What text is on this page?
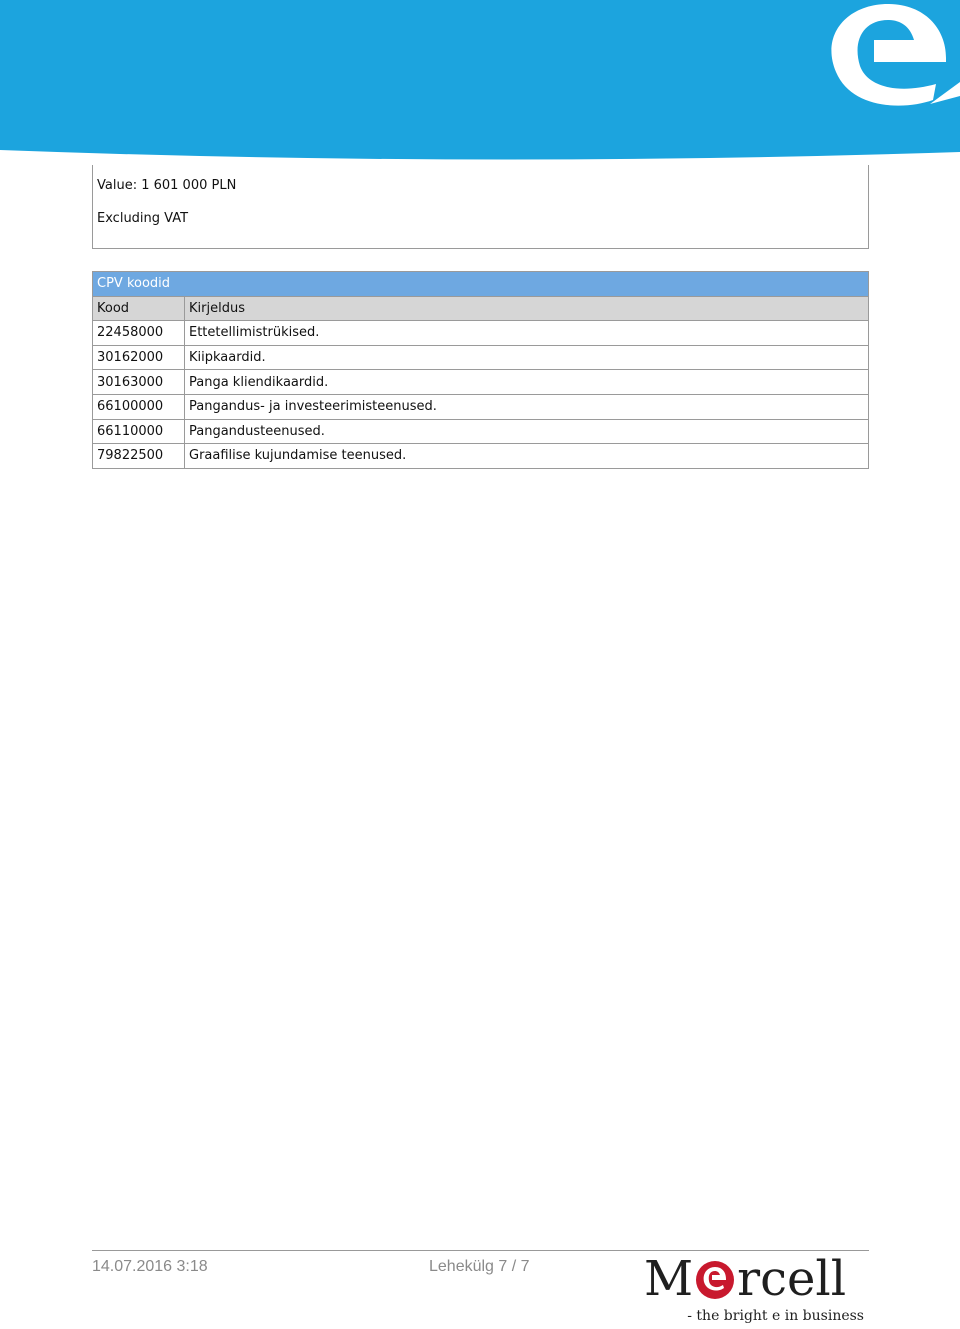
Value: 1 601 000 PLN
Excluding VAT
CPV koodid	
Kood	Kirjeldus
22458000	Ettetellimistrükised.
30162000	Kiipkaardid.
30163000	Panga kliendikaardid.
66100000	Pangandus- ja investeerimisteenused.
66110000	Pangandusteenused.
79822500	Graafilise kujundamise teenused.
14.07.2016 3:18	Lehekülg 7 / 7 M rcell
- the bright e in business
